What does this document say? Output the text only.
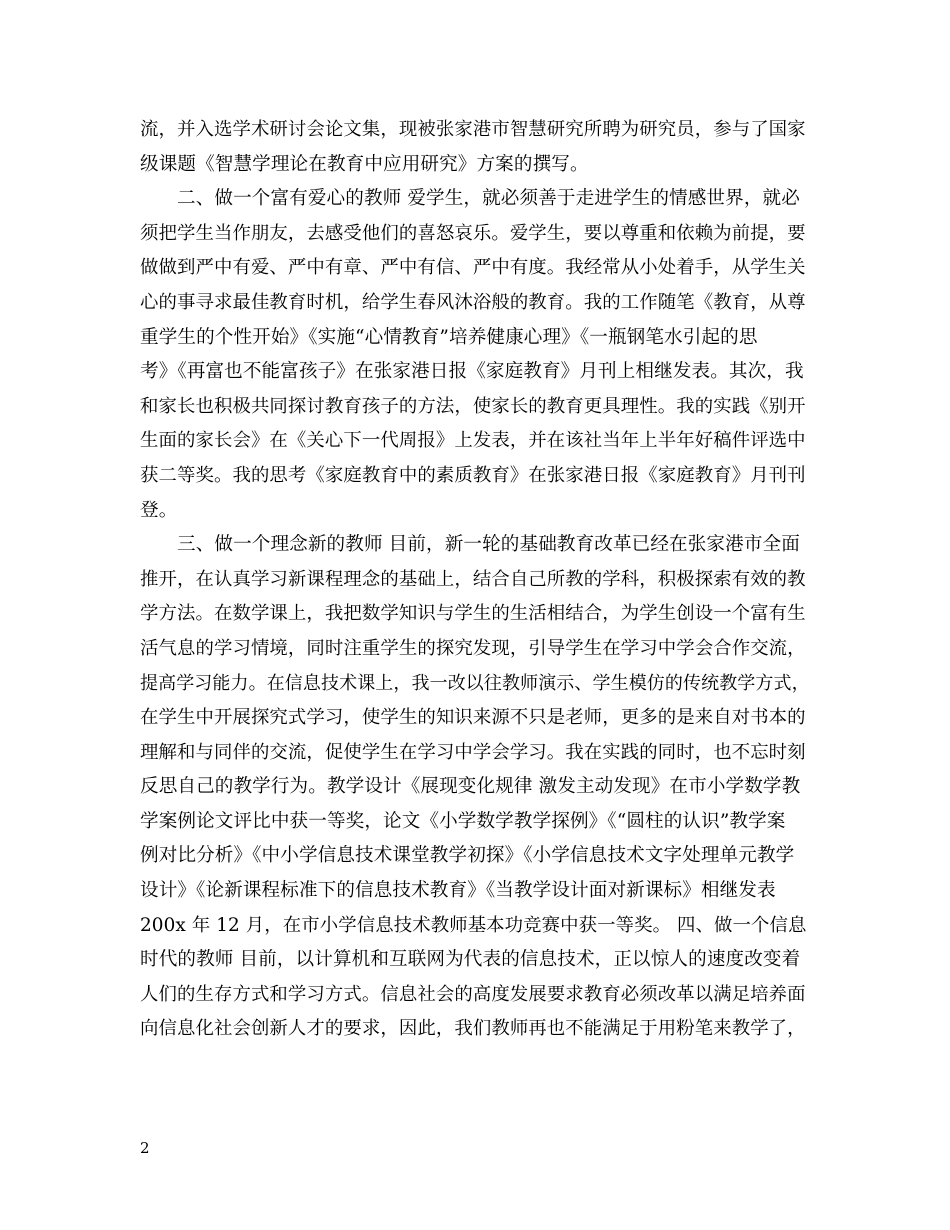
流，并入选学术研讨会论文集，现被张家港市智慧研究所聘为研究员，参与了国家
级课题《智慧学理论在教育中应用研究》方案的撰写。
二、做一个富有爱心的教师 爱学生，就必须善于走进学生的情感世界，就必
须把学生当作朋友，去感受他们的喜怒哀乐。爱学生，要以尊重和依赖为前提，要
做做到严中有爱、严中有章、严中有信、严中有度。我经常从小处着手，从学生关
心的事寻求最佳教育时机，给学生春风沐浴般的教育。我的工作随笔《教育，从尊
重学生的个性开始》《实施“心情教育”培养健康心理》《一瓶钢笔水引起的思
考》《再富也不能富孩子》在张家港日报《家庭教育》月刊上相继发表。其次，我
和家长也积极共同探讨教育孩子的方法，使家长的教育更具理性。我的实践《别开
生面的家长会》在《关心下一代周报》上发表，并在该社当年上半年好稿件评选中
获二等奖。我的思考《家庭教育中的素质教育》在张家港日报《家庭教育》月刊刊
登。
三、做一个理念新的教师 目前，新一轮的基础教育改革已经在张家港市全面
推开，在认真学习新课程理念的基础上，结合自己所教的学科，积极探索有效的教
学方法。在数学课上，我把数学知识与学生的生活相结合，为学生创设一个富有生
活气息的学习情境，同时注重学生的探究发现，引导学生在学习中学会合作交流，
提高学习能力。在信息技术课上，我一改以往教师演示、学生模仿的传统教学方式，
在学生中开展探究式学习，使学生的知识来源不只是老师，更多的是来自对书本的
理解和与同伴的交流，促使学生在学习中学会学习。我在实践的同时，也不忘时刻
反思自己的教学行为。教学设计《展现变化规律 激发主动发现》在市小学数学教
学案例论文评比中获一等奖，论文《小学数学教学探例》《“圆柱的认识”教学案
例对比分析》《中小学信息技术课堂教学初探》《小学信息技术文字处理单元教学
设计》《论新课程标准下的信息技术教育》《当教学设计面对新课标》相继发表
200x 年 12 月，在市小学信息技术教师基本功竞赛中获一等奖。 四、做一个信息
时代的教师 目前，以计算机和互联网为代表的信息技术，正以惊人的速度改变着
人们的生存方式和学习方式。信息社会的高度发展要求教育必须改革以满足培养面
向信息化社会创新人才的要求，因此，我们教师再也不能满足于用粉笔来教学了，
2
